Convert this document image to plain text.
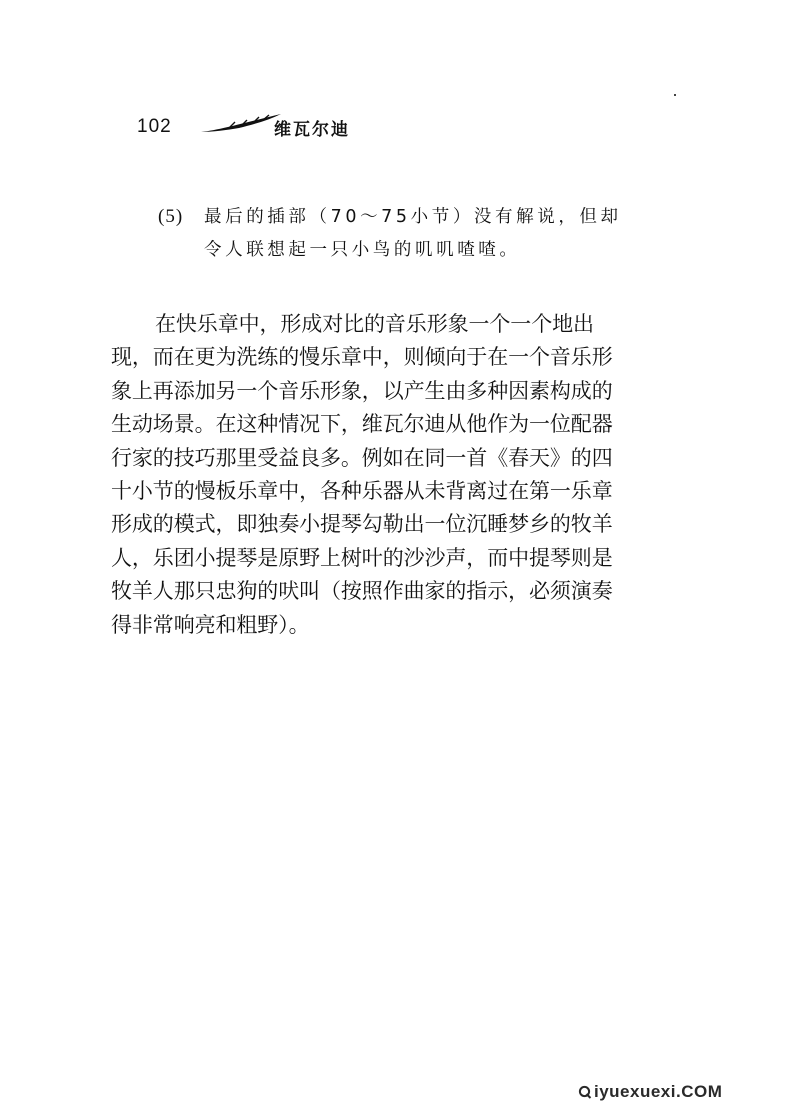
102	维瓦尔迪
(5) 最后的插部（70～75小节）没有解说，但却
令人联想起一只小鸟的叽叽喳喳。
在快乐章中，形成对比的音乐形象一个一个地出
现，而在更为洗练的慢乐章中，则倾向于在一个音乐形
象上再添加另一个音乐形象，以产生由多种因素构成的
生动场景。在这种情况下，维瓦尔迪从他作为一位配器
行家的技巧那里受益良多。例如在同一首《春天》的四
十小节的慢板乐章中，各种乐器从未背离过在第一乐章
形成的模式，即独奏小提琴勾勒出一位沉睡梦乡的牧羊
人，乐团小提琴是原野上树叶的沙沙声，而中提琴则是
牧羊人那只忠狗的吠叫（按照作曲家的指示，必须演奏
得非常响亮和粗野）。
iyuexuexi.COM
